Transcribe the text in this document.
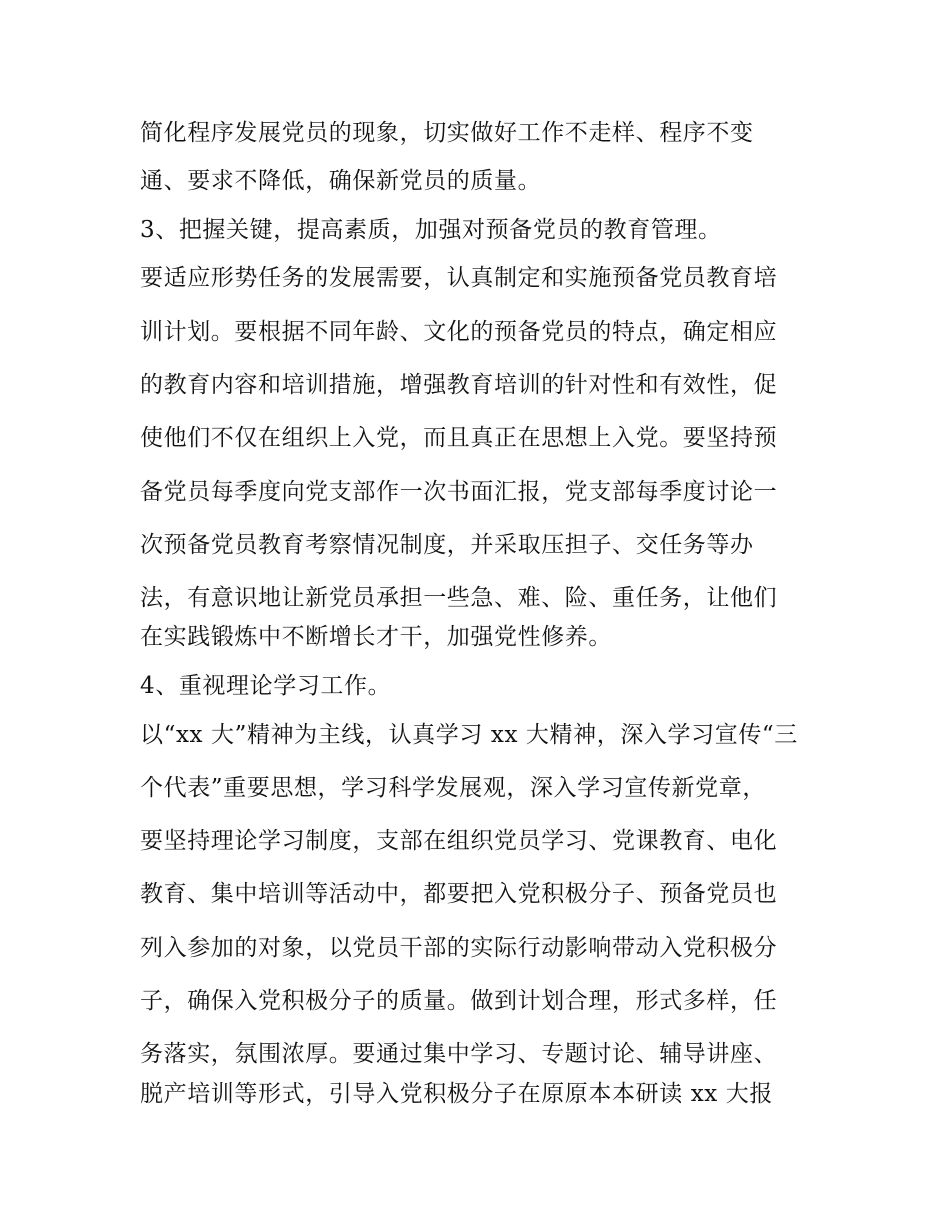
简化程序发展党员的现象，切实做好工作不走样、程序不变
通、要求不降低，确保新党员的质量。
3、把握关键，提高素质，加强对预备党员的教育管理。
要适应形势任务的发展需要，认真制定和实施预备党员教育培
训计划。要根据不同年龄、文化的预备党员的特点，确定相应
的教育内容和培训措施，增强教育培训的针对性和有效性，促
使他们不仅在组织上入党，而且真正在思想上入党。要坚持预
备党员每季度向党支部作一次书面汇报，党支部每季度讨论一
次预备党员教育考察情况制度，并采取压担子、交任务等办
法，有意识地让新党员承担一些急、难、险、重任务，让他们
在实践锻炼中不断增长才干，加强党性修养。
4、重视理论学习工作。
以“xx 大”精神为主线，认真学习 xx 大精神，深入学习宣传“三
个代表”重要思想，学习科学发展观，深入学习宣传新党章，
要坚持理论学习制度，支部在组织党员学习、党课教育、电化
教育、集中培训等活动中，都要把入党积极分子、预备党员也
列入参加的对象，以党员干部的实际行动影响带动入党积极分
子，确保入党积极分子的质量。做到计划合理，形式多样，任
务落实，氛围浓厚。要通过集中学习、专题讨论、辅导讲座、
脱产培训等形式，引导入党积极分子在原原本本研读 xx 大报
